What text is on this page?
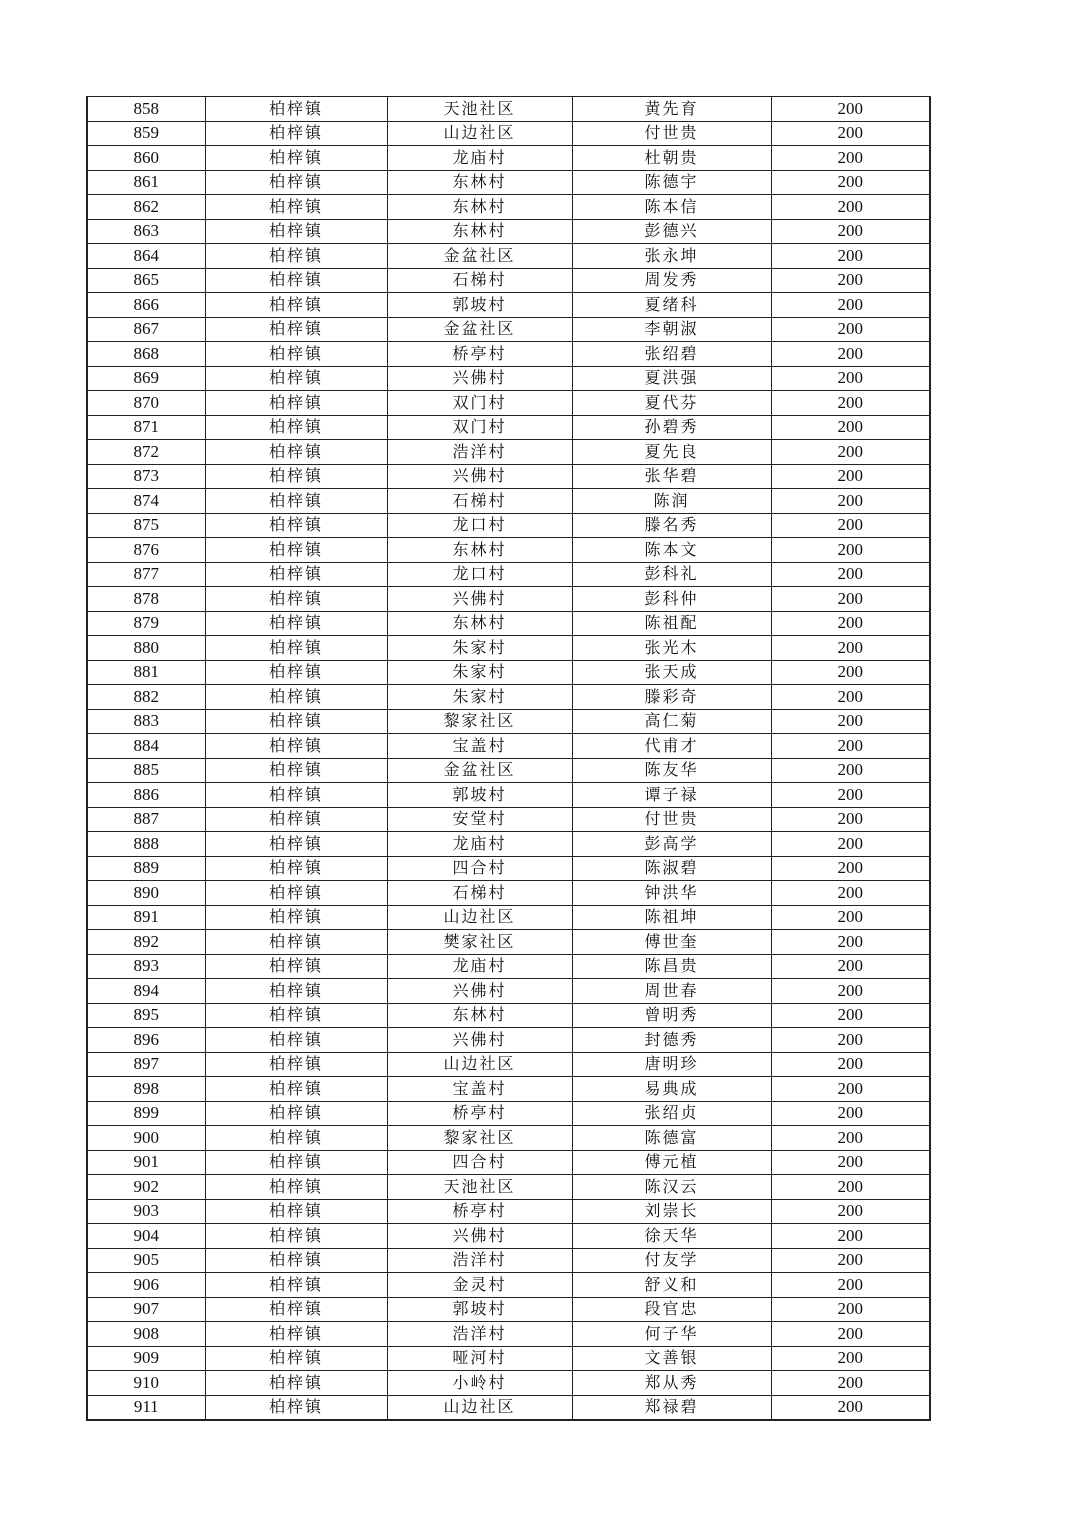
858	柏梓镇	天池社区	黄先育	200
859	柏梓镇	山边社区	付世贵	200
860	柏梓镇	龙庙村	杜朝贵	200
861	柏梓镇	东林村	陈德宇	200
862	柏梓镇	东林村	陈本信	200
863	柏梓镇	东林村	彭德兴	200
864	柏梓镇	金盆社区	张永坤	200
865	柏梓镇	石梯村	周发秀	200
866	柏梓镇	郭坡村	夏绪科	200
867	柏梓镇	金盆社区	李朝淑	200
868	柏梓镇	桥亭村	张绍碧	200
869	柏梓镇	兴佛村	夏洪强	200
870	柏梓镇	双门村	夏代芬	200
871	柏梓镇	双门村	孙碧秀	200
872	柏梓镇	浩洋村	夏先良	200
873	柏梓镇	兴佛村	张华碧	200
874	柏梓镇	石梯村	陈润	200
875	柏梓镇	龙口村	滕名秀	200
876	柏梓镇	东林村	陈本文	200
877	柏梓镇	龙口村	彭科礼	200
878	柏梓镇	兴佛村	彭科仲	200
879	柏梓镇	东林村	陈祖配	200
880	柏梓镇	朱家村	张光木	200
881	柏梓镇	朱家村	张天成	200
882	柏梓镇	朱家村	滕彩奇	200
883	柏梓镇	黎家社区	高仁菊	200
884	柏梓镇	宝盖村	代甫才	200
885	柏梓镇	金盆社区	陈友华	200
886	柏梓镇	郭坡村	谭子禄	200
887	柏梓镇	安堂村	付世贵	200
888	柏梓镇	龙庙村	彭高学	200
889	柏梓镇	四合村	陈淑碧	200
890	柏梓镇	石梯村	钟洪华	200
891	柏梓镇	山边社区	陈祖坤	200
892	柏梓镇	樊家社区	傅世奎	200
893	柏梓镇	龙庙村	陈昌贵	200
894	柏梓镇	兴佛村	周世春	200
895	柏梓镇	东林村	曾明秀	200
896	柏梓镇	兴佛村	封德秀	200
897	柏梓镇	山边社区	唐明珍	200
898	柏梓镇	宝盖村	易典成	200
899	柏梓镇	桥亭村	张绍贞	200
900	柏梓镇	黎家社区	陈德富	200
901	柏梓镇	四合村	傅元植	200
902	柏梓镇	天池社区	陈汉云	200
903	柏梓镇	桥亭村	刘崇长	200
904	柏梓镇	兴佛村	徐天华	200
905	柏梓镇	浩洋村	付友学	200
906	柏梓镇	金灵村	舒义和	200
907	柏梓镇	郭坡村	段官忠	200
908	柏梓镇	浩洋村	何子华	200
909	柏梓镇	哑河村	文善银	200
910	柏梓镇	小岭村	郑从秀	200
911	柏梓镇	山边社区	郑禄碧	200
